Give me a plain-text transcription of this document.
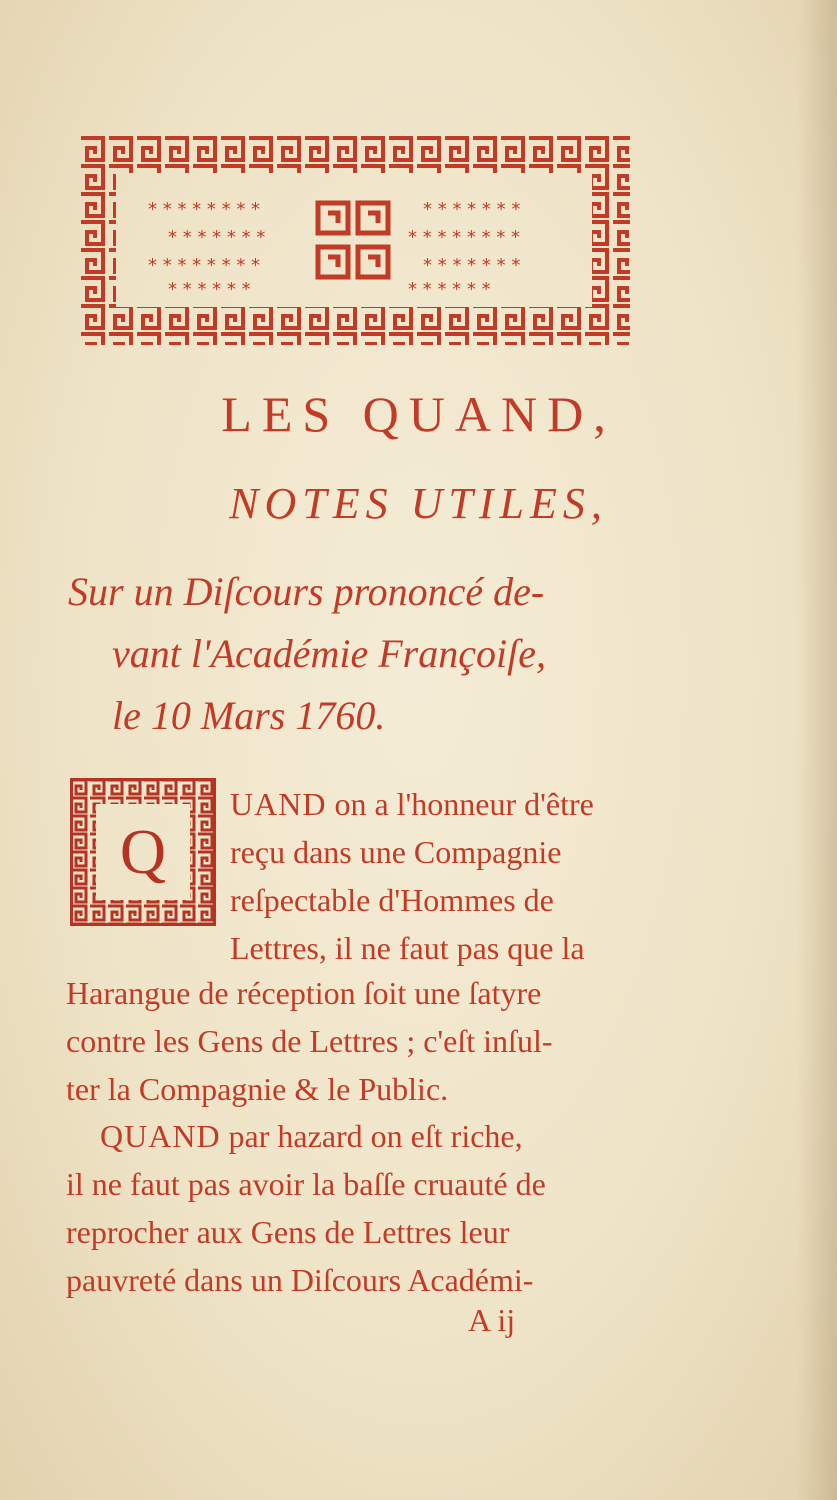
* * * * * * * *
* * * * * * *
* * * * * * * *
* * * * * *
* * * * * * *
* * * * * * * *
* * * * * * *
* * * * * *
LES QUAND,
NOTES UTILES,
Sur un Diſcours prononcé de-
vant l'Académie Françoiſe,
le 10 Mars 1760.
Q
UAND on a l'honneur d'être
reçu dans une Compagnie
reſpectable d'Hommes de
Lettres, il ne faut pas que la
Harangue de réception ſoit une ſatyre
contre les Gens de Lettres ; c'eſt inſul-
ter la Compagnie & le Public.
QUAND par hazard on eſt riche,
il ne faut pas avoir la baſſe cruauté de
reprocher aux Gens de Lettres leur
pauvreté dans un Diſcours Académi-
A ij
